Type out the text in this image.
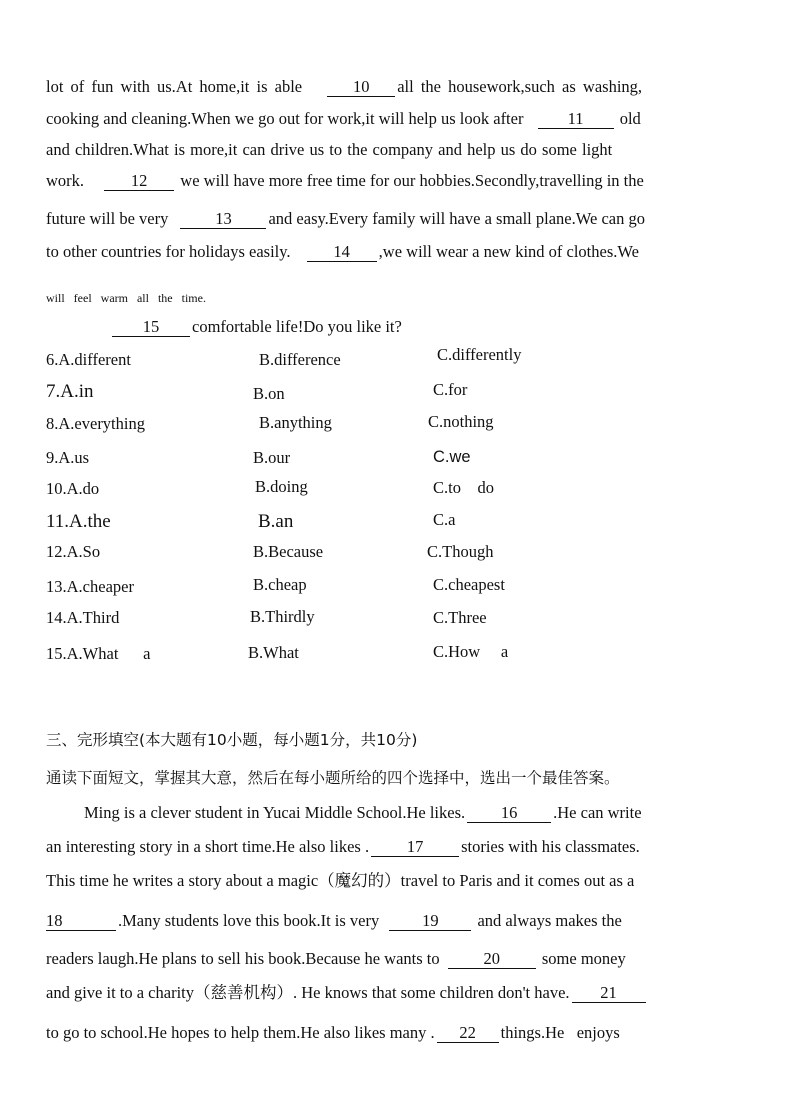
lot of fun with us.At home,it is able	10 all the housework,such as washing,
cooking and cleaning.When we go out for work,it will help us look after	11 old
and children.What is more,it can drive us to the company and help us do some light
work.	12 we will have more free time for our hobbies.Secondly,travelling in the
future will be very	13 and easy.Every family will have a small plane.We can go
to other countries for holidays easily.	14 ,we will wear a new kind of clothes.We
will feel warm all the time.
15 comfortable life!Do you like it?
6.A.different	B.difference	C.differently
7.A.in	B.on	C.for
8.A.everything	B.anything	C.nothing
9.A.us	B.our	C.we
10.A.do	B.doing	C.to    do
11.A.the	B.an	C.a
12.A.So	B.Because	C.Though
13.A.cheaper	B.cheap	C.cheapest
14.A.Third	B.Thirdly	C.Three
15.A.What      a	B.What	C.How     a
三、完形填空(本大题有10小题，每小题1分，共10分)
通读下面短文，掌握其大意，然后在每小题所给的四个选择中，选出一个最佳答案。
Ming is a clever student in Yucai Middle School.He likes. 16 .He can write
an interesting story in a short time.He also likes . 17 stories with his classmates.
This time he writes a story about a magic（魔幻的）travel to Paris and it comes out as a
18	.Many students love this book.It is very	19 and always makes the
readers laugh.He plans to sell his book.Because he wants to	20	some money
and give it to a charity（慈善机构）. He knows that some children don't have. 21
to go to school.He hopes to help them.He also likes many . 22 things.He   enjoys
